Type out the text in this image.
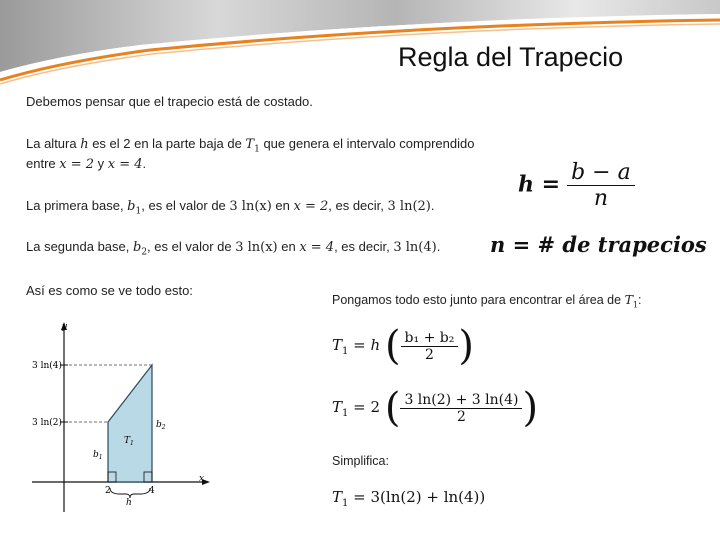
Regla del Trapecio
Debemos pensar que el trapecio está de costado.
La altura h es el 2 en la parte baja de $T_1$ que genera el intervalo comprendido
entre x = 2 y x = 4.
La primera base, $b_1$, es el valor de 3 ln(x) en x = 2, es decir, 3 ln(2).
La segunda base, $b_2$, es el valor de 3 ln(x) en x = 4, es decir, 3 ln(4).
Así es como se ve todo esto:
$h = \frac{b - a}{n}$
n = # de trapecios
Pongamos todo esto junto para encontrar el área de $T_1$:
$T_1 = h$ ( $\frac{\text{b₁ + b₂}}{2}$ )
$T_1 = 2$ ( $\frac{3 \ln(2) + 3 \ln(4)}{2}$ )
Simplifica:
$T_1 = 3(\ln(2) + \ln(4))$
y
x
3 ln(4)
3 ln(2)
2	4
h
$b_1$
$b_2$
$T_1$
